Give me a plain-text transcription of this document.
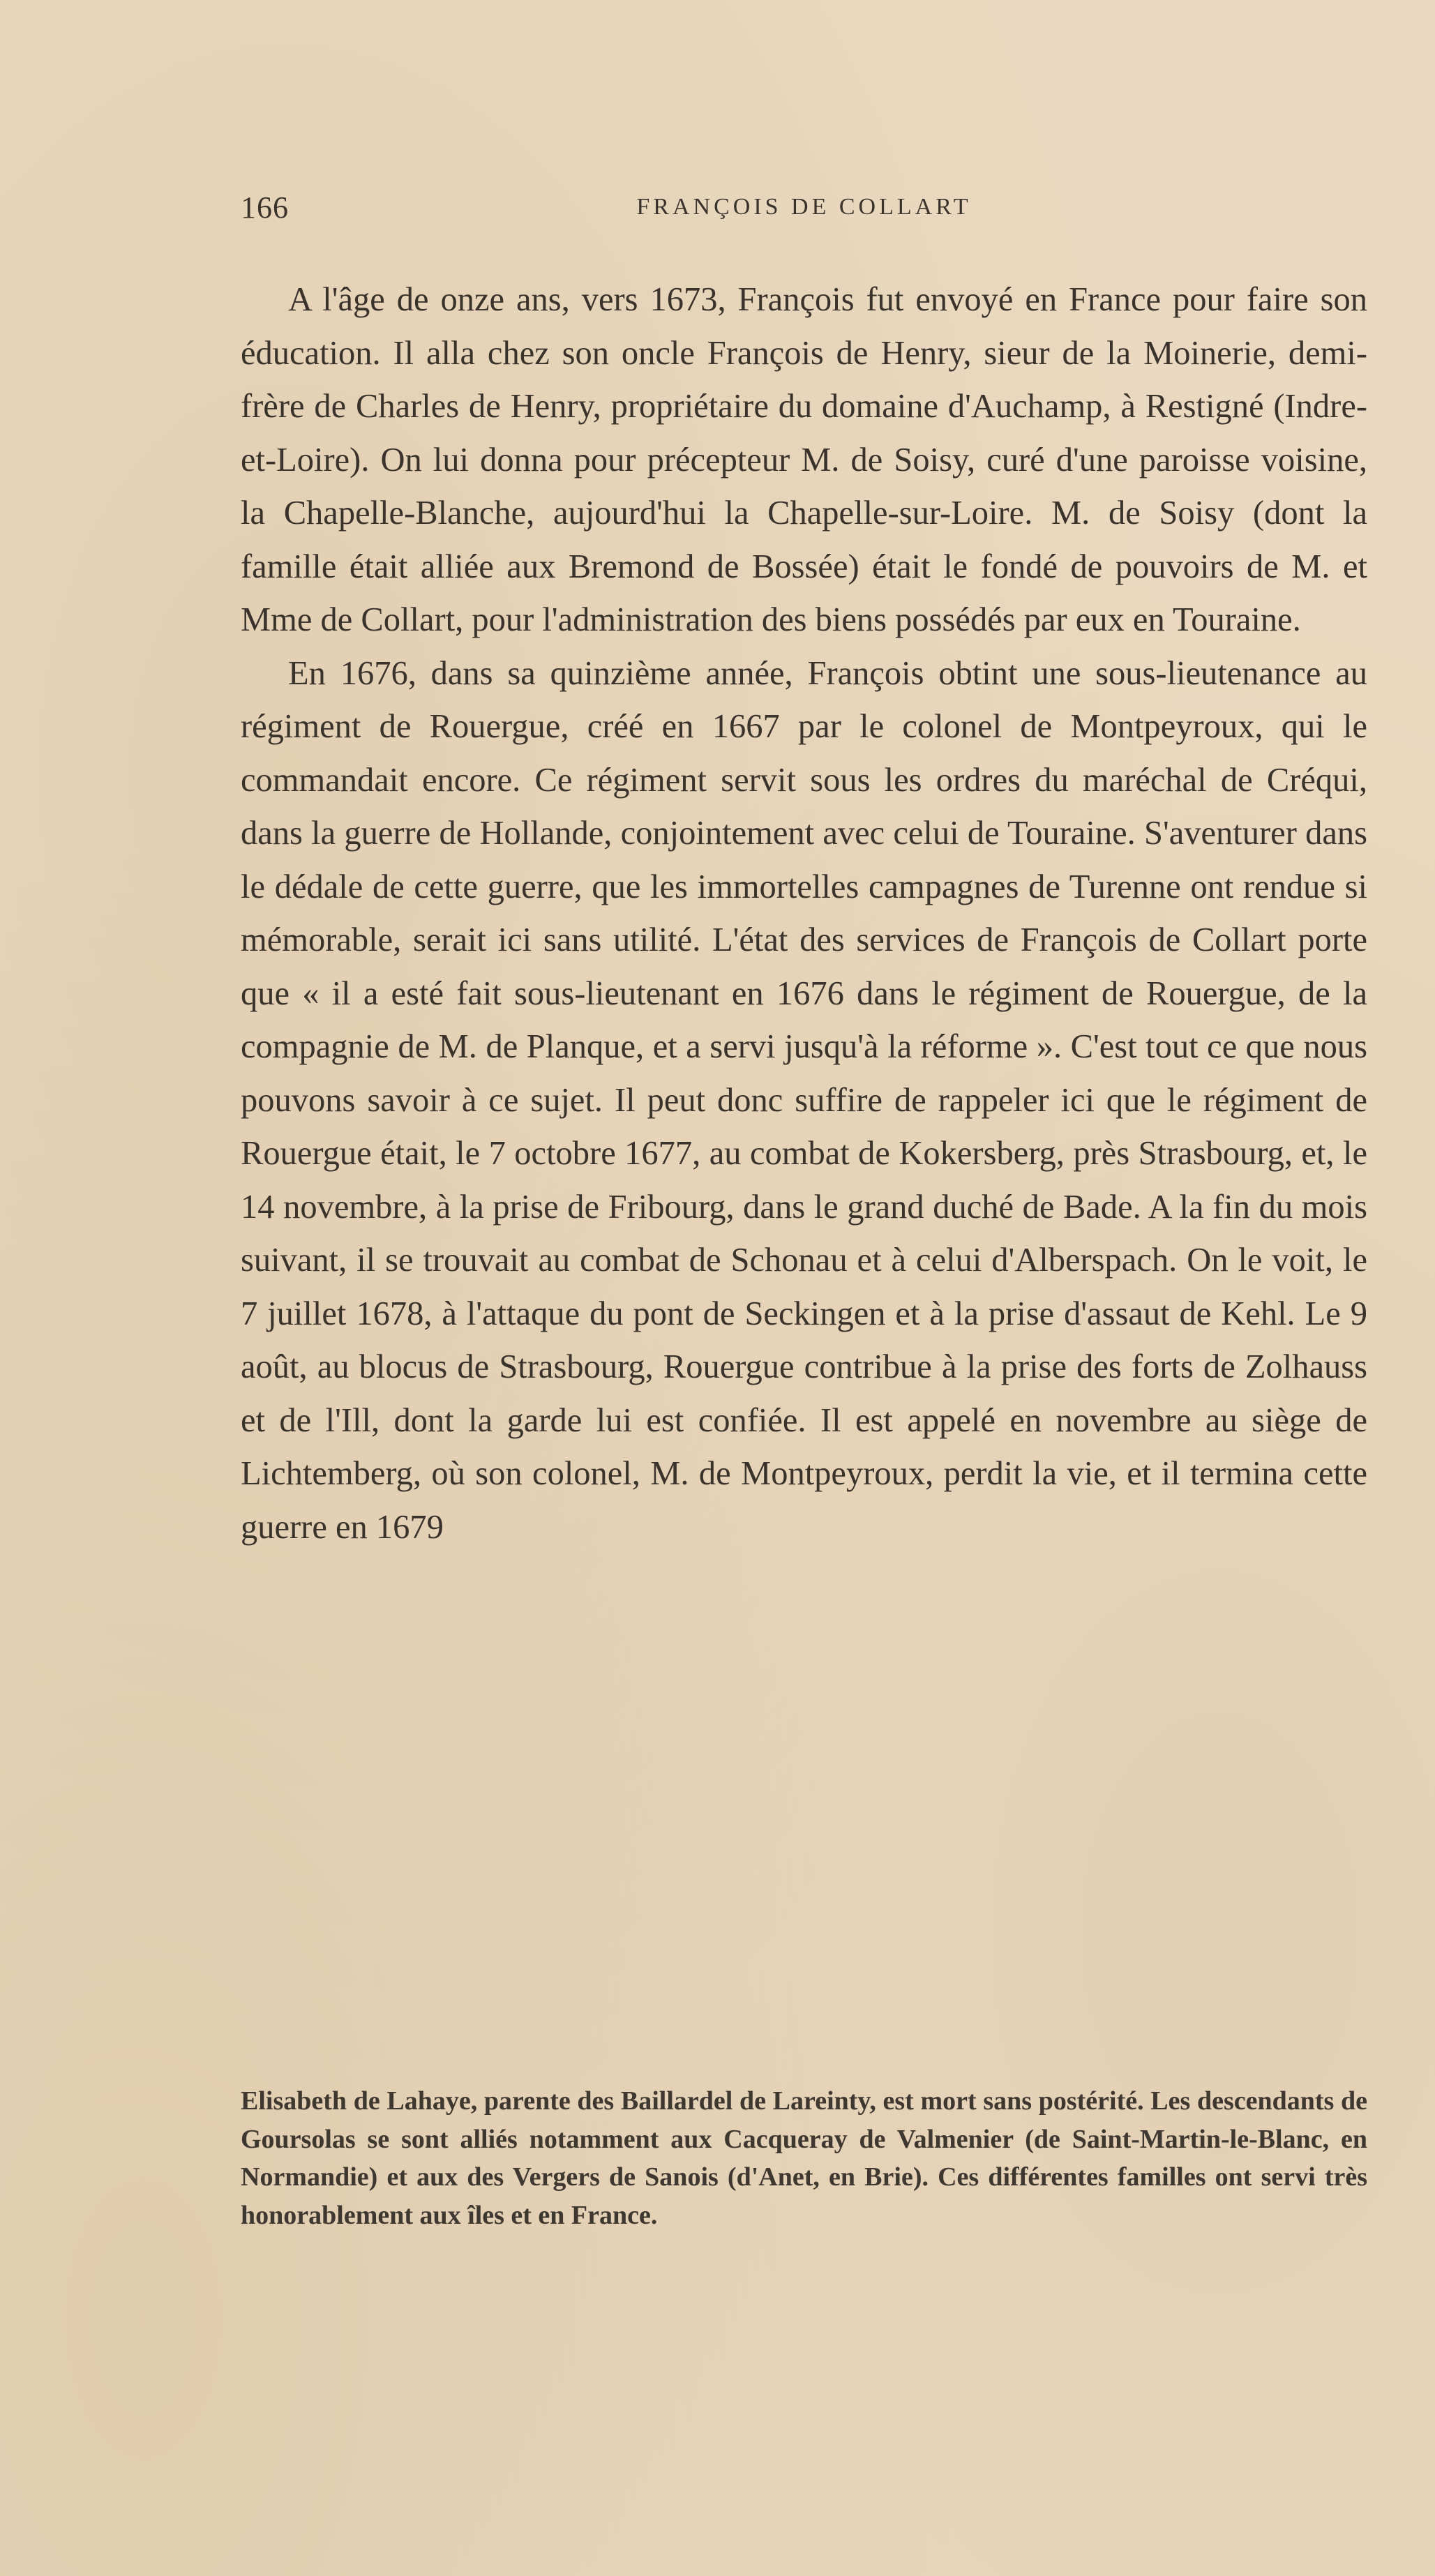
166	FRANÇOIS DE COLLART

A l'âge de onze ans, vers 1673, François fut envoyé en France pour faire son éducation. Il alla chez son oncle François de Henry, sieur de la Moinerie, demi-frère de Charles de Henry, propriétaire du domaine d'Auchamp, à Restigné (Indre-et-Loire). On lui donna pour précepteur M. de Soisy, curé d'une paroisse voisine, la Chapelle-Blanche, aujourd'hui la Chapelle-sur-Loire. M. de Soisy (dont la famille était alliée aux Bremond de Bossée) était le fondé de pouvoirs de M. et Mme de Collart, pour l'administration des biens possédés par eux en Touraine.

En 1676, dans sa quinzième année, François obtint une sous-lieutenance au régiment de Rouergue, créé en 1667 par le colonel de Montpeyroux, qui le commandait encore. Ce régiment servit sous les ordres du maréchal de Créqui, dans la guerre de Hollande, conjointement avec celui de Touraine. S'aventurer dans le dédale de cette guerre, que les immortelles campagnes de Turenne ont rendue si mémorable, serait ici sans utilité. L'état des services de François de Collart porte que « il a esté fait sous-lieutenant en 1676 dans le régiment de Rouergue, de la compagnie de M. de Planque, et a servi jusqu'à la réforme ». C'est tout ce que nous pouvons savoir à ce sujet. Il peut donc suffire de rappeler ici que le régiment de Rouergue était, le 7 octobre 1677, au combat de Kokersberg, près Strasbourg, et, le 14 novembre, à la prise de Fribourg, dans le grand duché de Bade. A la fin du mois suivant, il se trouvait au combat de Schonau et à celui d'Alberspach. On le voit, le 7 juillet 1678, à l'attaque du pont de Seckingen et à la prise d'assaut de Kehl. Le 9 août, au blocus de Strasbourg, Rouergue contribue à la prise des forts de Zolhauss et de l'Ill, dont la garde lui est confiée. Il est appelé en novembre au siège de Lichtemberg, où son colonel, M. de Montpeyroux, perdit la vie, et il termina cette guerre en 1679

Elisabeth de Lahaye, parente des Baillardel de Lareinty, est mort sans postérité. Les descendants de Goursolas se sont alliés notamment aux Cacqueray de Valmenier (de Saint-Martin-le-Blanc, en Normandie) et aux des Vergers de Sanois (d'Anet, en Brie). Ces différentes familles ont servi très honorablement aux îles et en France.
